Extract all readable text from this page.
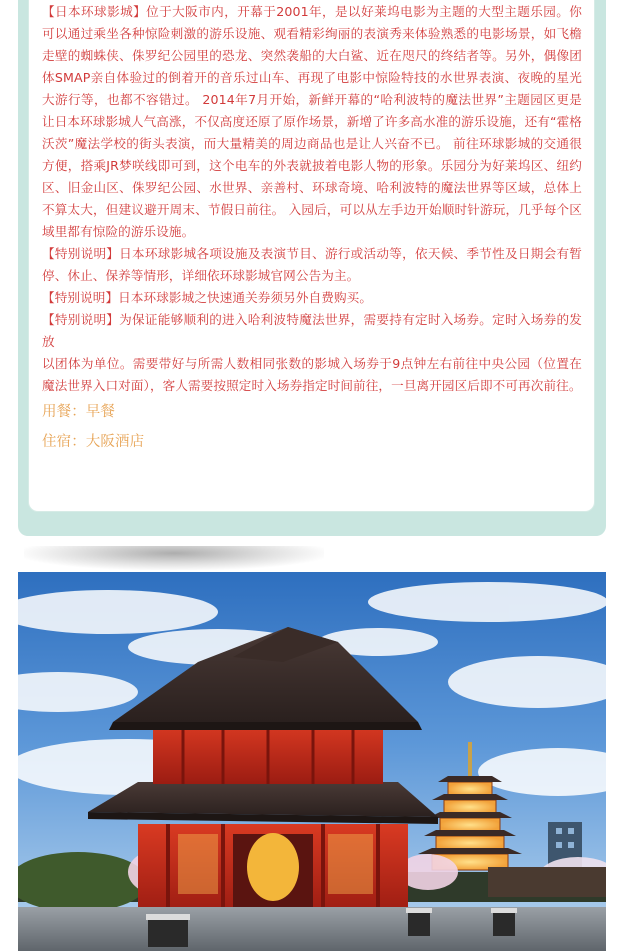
【日本环球影城】位于大阪市内，开幕于2001年，是以好莱坞电影为主题的大型主题乐园。你可以通过乘坐各种惊险刺激的游乐设施、观看精彩绚丽的表演秀来体验熟悉的电影场景，如飞檐走壁的蜘蛛侠、侏罗纪公园里的恐龙、突然袭船的大白鲨、近在咫尺的终结者等。另外，偶像团体SMAP亲自体验过的倒着开的音乐过山车、再现了电影中惊险特技的水世界表演、夜晚的星光大游行等，也都不容错过。 2014年7月开始，新鲜开幕的“哈利波特的魔法世界”主题园区更是让日本环球影城人气高涨，不仅高度还原了原作场景，新增了许多高水准的游乐设施，还有“霍格沃茨”魔法学校的街头表演，而大量精美的周边商品也是让人兴奋不已。 前往环球影城的交通很方便，搭乘JR梦咲线即可到，这个电车的外表就披着电影人物的形象。乐园分为好莱坞区、纽约区、旧金山区、侏罗纪公园、水世界、亲善村、环球奇境、哈利波特的魔法世界等区域，总体上不算太大，但建议避开周末、节假日前往。 入园后，可以从左手边开始顺时针游玩，几乎每个区域里都有惊险的游乐设施。

【特别说明】日本环球影城各项设施及表演节目、游行或活动等，依天候、季节性及日期会有暂停、休止、保养等情形，详细依环球影城官网公告为主。

【特别说明】日本环球影城之快速通关券须另外自费购买。

【特别说明】为保证能够顺利的进入哈利波特魔法世界，需要持有定时入场券。定时入场券的发放

以团体为单位。需要带好与所需人数相同张数的影城入场券于9点钟左右前往中央公园（位置在魔法世界入口对面），客人需要按照定时入场券指定时间前往，一旦离开园区后即不可再次前往。

用餐：早餐

住宿：大阪酒店
